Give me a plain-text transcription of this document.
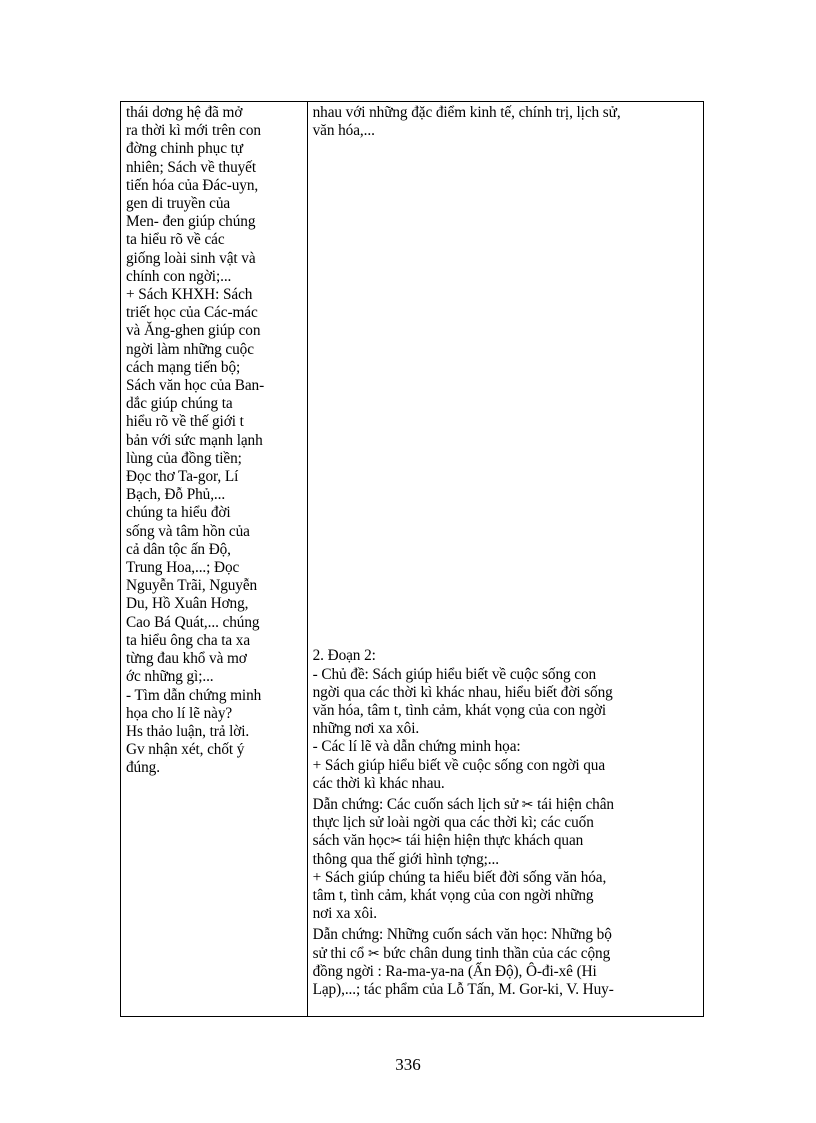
thái dơng hệ đã mở
ra thời kì mới trên con
đờng chinh phục tự
nhiên; Sách về thuyết
tiến hóa của Đác-uyn,
gen di truyền của
Men- đen giúp chúng
ta hiểu rõ về các
giống loài sinh vật và
chính con ngời;...
+ Sách KHXH: Sách
triết học của Các-mác
và Ăng-ghen giúp con
ngời làm những cuộc
cách mạng tiến bộ;
Sách văn học của Ban-
dắc giúp chúng ta
hiểu rõ về thế giới t
bản với sức mạnh lạnh
lùng của đồng tiền;
Đọc thơ Ta-gor, Lí
Bạch, Đỗ Phủ,...
chúng ta hiểu đời
sống và tâm hồn của
cả dân tộc ấn Độ,
Trung Hoa,...; Đọc
Nguyễn Trãi, Nguyễn
Du, Hồ Xuân Hơng,
Cao Bá Quát,... chúng
ta hiểu ông cha ta xa
từng đau khổ và mơ
ớc những gì;...
- Tìm dẫn chứng minh
họa cho lí lẽ này?
Hs thảo luận, trả lời.
Gv nhận xét, chốt ý
đúng.

nhau với những đặc điểm kinh tế, chính trị, lịch sử,
văn hóa,...
2. Đoạn 2:
- Chủ đề: Sách giúp hiểu biết về cuộc sống con
ngời qua các thời kì khác nhau, hiểu biết đời sống
văn hóa, tâm t, tình cảm, khát vọng của con ngời
những nơi xa xôi.
- Các lí lẽ và dẫn chứng minh họa:
+ Sách giúp hiểu biết về cuộc sống con ngời qua
các thời kì khác nhau.
Dẫn chứng: Các cuốn sách lịch sử ✂ tái hiện chân
thực lịch sử loài ngời qua các thời kì; các cuốn
sách văn học✂ tái hiện hiện thực khách quan
thông qua thế giới hình tợng;...
+ Sách giúp chúng ta hiểu biết đời sống văn hóa,
tâm t, tình cảm, khát vọng của con ngời những
nơi xa xôi.
Dẫn chứng: Những cuốn sách văn học: Những bộ
sử thi cổ ✂ bức chân dung tinh thần của các cộng
đồng ngời : Ra-ma-ya-na (Ấn Độ), Ô-đi-xê (Hi
Lạp),...; tác phẩm của Lỗ Tấn, M. Gor-ki, V. Huy-
336
